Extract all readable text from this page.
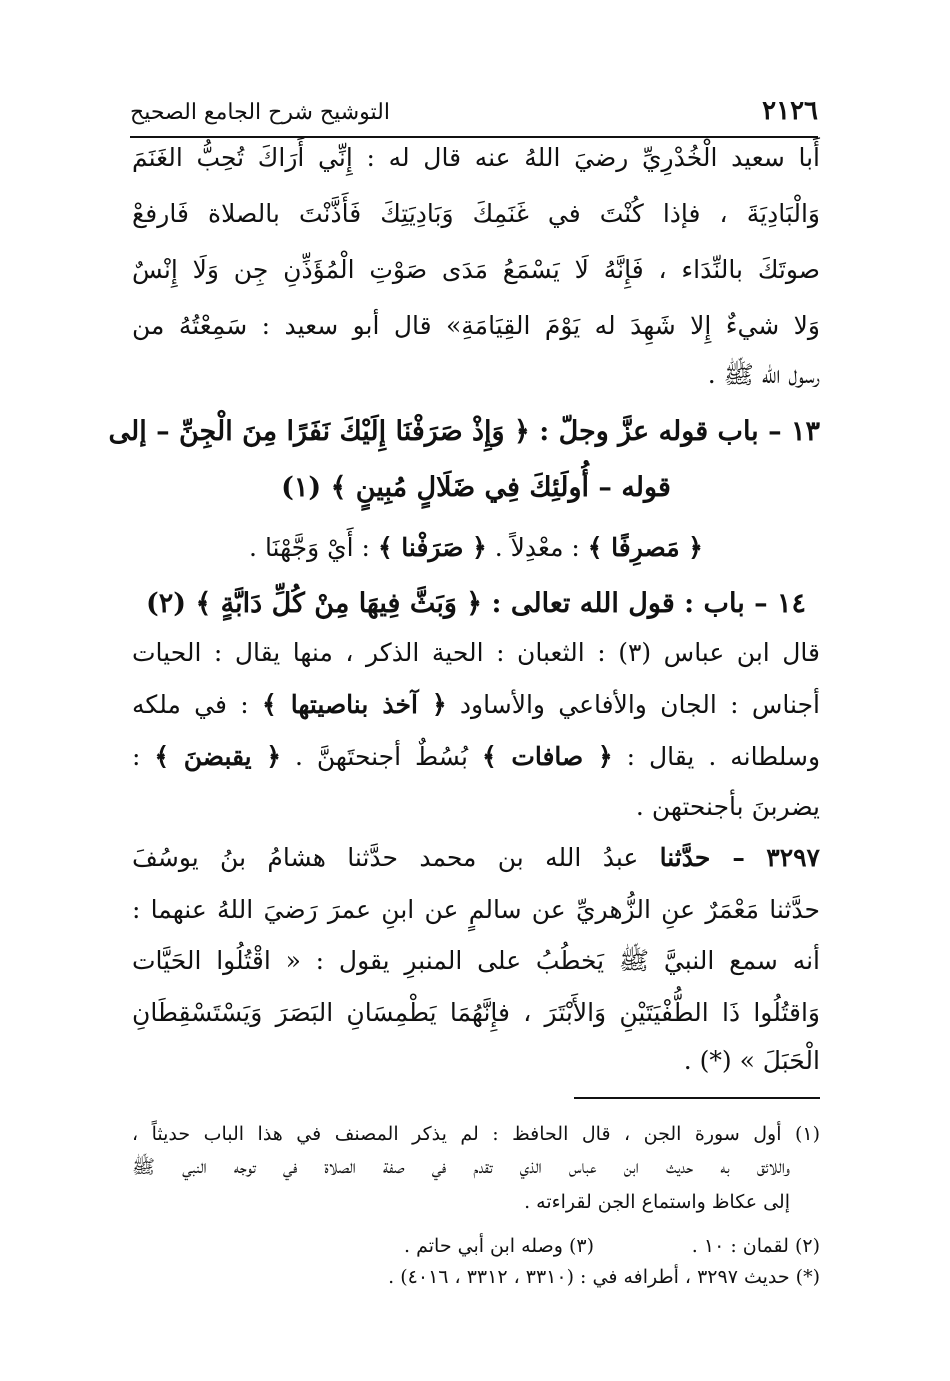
٢١٢٦
التوشيح شرح الجامع الصحيح
أَبا سعيد الْخُدْرِيِّ رضيَ اللهُ عنه قال له : إِنِّي أَرَاكَ تُحِبُّ الغَنَمَ
وَالْبَادِيَةَ ، فإذا كُنْتَ في غَنَمِكَ وَبَادِيَتِكَ فَأَذَّنْتَ بالصلاة فَارفعْ
صوتَكَ بالنِّدَاء ، فَإِنَّهُ لَا يَسْمَعُ مَدَى صَوْتِ الْمُؤَذِّنِ جِن وَلَا إِنْسٌ
وَلا شيءٌ إِلا شَهِدَ له يَوْمَ القِيَامَةِ» قال أبو سعيد : سَمِعْتُهُ من
رسول الله ﷺ .
١٣ – باب قوله عزَّ وجلّ : ﴿ وَإِذْ صَرَفْنَا إِلَيْكَ نَفَرًا مِنَ الْجِنِّ – إلى
قوله – أُولَئِكَ فِي ضَلَالٍ مُبِينٍ ﴾ (١)
﴿ مَصرِفًا ﴾ : معْدِلاً . ﴿ صَرَفْنا ﴾ : أَيْ وَجَّهْنَا .
١٤ – باب : قول الله تعالى : ﴿ وَبَثَّ فِيهَا مِنْ كُلِّ دَابَّةٍ ﴾ (٢)
قال ابن عباس (٣) : الثعبان : الحية الذكر ، منها يقال : الحيات
أجناس : الجان والأفاعي والأساود ﴿ آخذ بناصيتها ﴾ : في ملكه
وسلطانه . يقال : ﴿ صافات ﴾ بُسُطٌ أجنحتَهنَّ . ﴿ يقبضنَ ﴾ :
يضربنَ بأجنحتهن .
٣٢٩٧ – حدَّثنا عبدُ الله بن محمد حدَّثنا هشامُ بنُ يوسُفَ
حدَّثنا مَعْمَرٌ عنِ الزُّهريِّ عن سالمٍ عن ابنِ عمرَ رَضيَ اللهُ عنهما :
أنه سمع النبيَّ ﷺ يَخطُبُ على المنبرِ يقول : « اقْتُلُوا الحَيَّات
وَاقتُلُوا ذَا الطُّفْيَتَيْنِ وَالأَبْتَرَ ، فإِنَّهُمَا يَطْمِسَانِ البَصَرَ وَيَسْتَسْقِطَانِ
الْحَبَلَ » (*) .
(١) أول سورة الجن ، قال الحافظ : لم يذكر المصنف في هذا الباب حديثاً ،
واللائق به حديث ابن عباس الذي تقدم في صفة الصلاة في توجه النبي ﷺ
إلى عكاظ واستماع الجن لقراءته .
(٢) لقمان : ١٠ .
(٣) وصله ابن أبي حاتم .
(*) حديث ٣٢٩٧ ، أطرافه في : (٣٣١٠ ، ٣٣١٢ ، ٤٠١٦) .
